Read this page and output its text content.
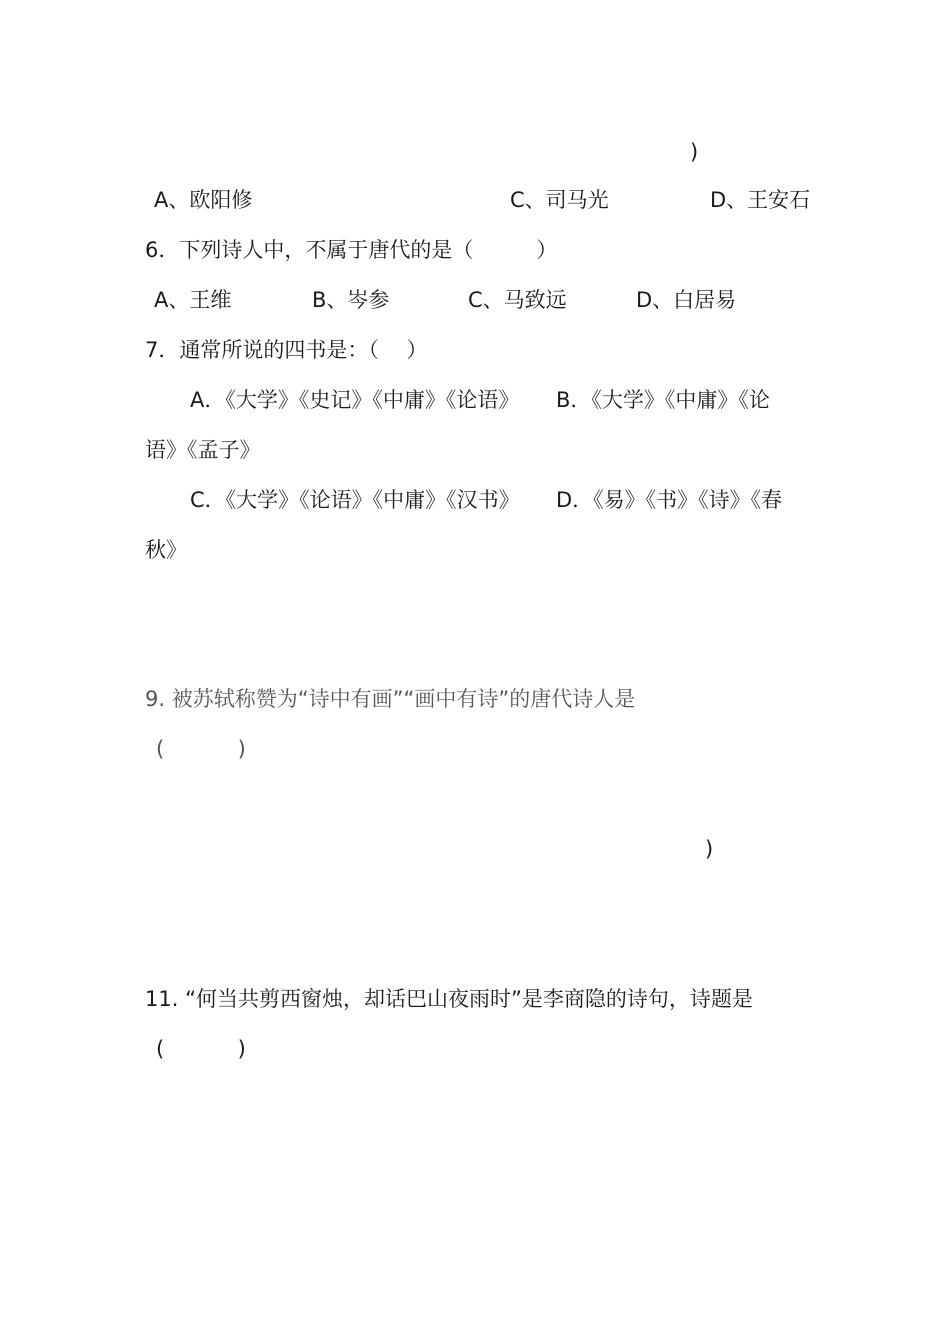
)
A、欧阳修	C、司马光	D、王安石
6．下列诗人中，不属于唐代的是（　　　）
A、王维	B、岑参	C、马致远	D、白居易
7．通常所说的四书是：（　 ）
A．《大学》《史记》《中庸》《论语》 B．《大学》《中庸》《论
语》《孟子》
C．《大学》《论语》《中庸》《汉书》 D．《易》《书》《诗》《春
秋》
9. 被苏轼称赞为“诗中有画”“画中有诗”的唐代诗人是
(           )
)
11. “何当共剪西窗烛，却话巴山夜雨时”是李商隐的诗句，诗题是
(           )
